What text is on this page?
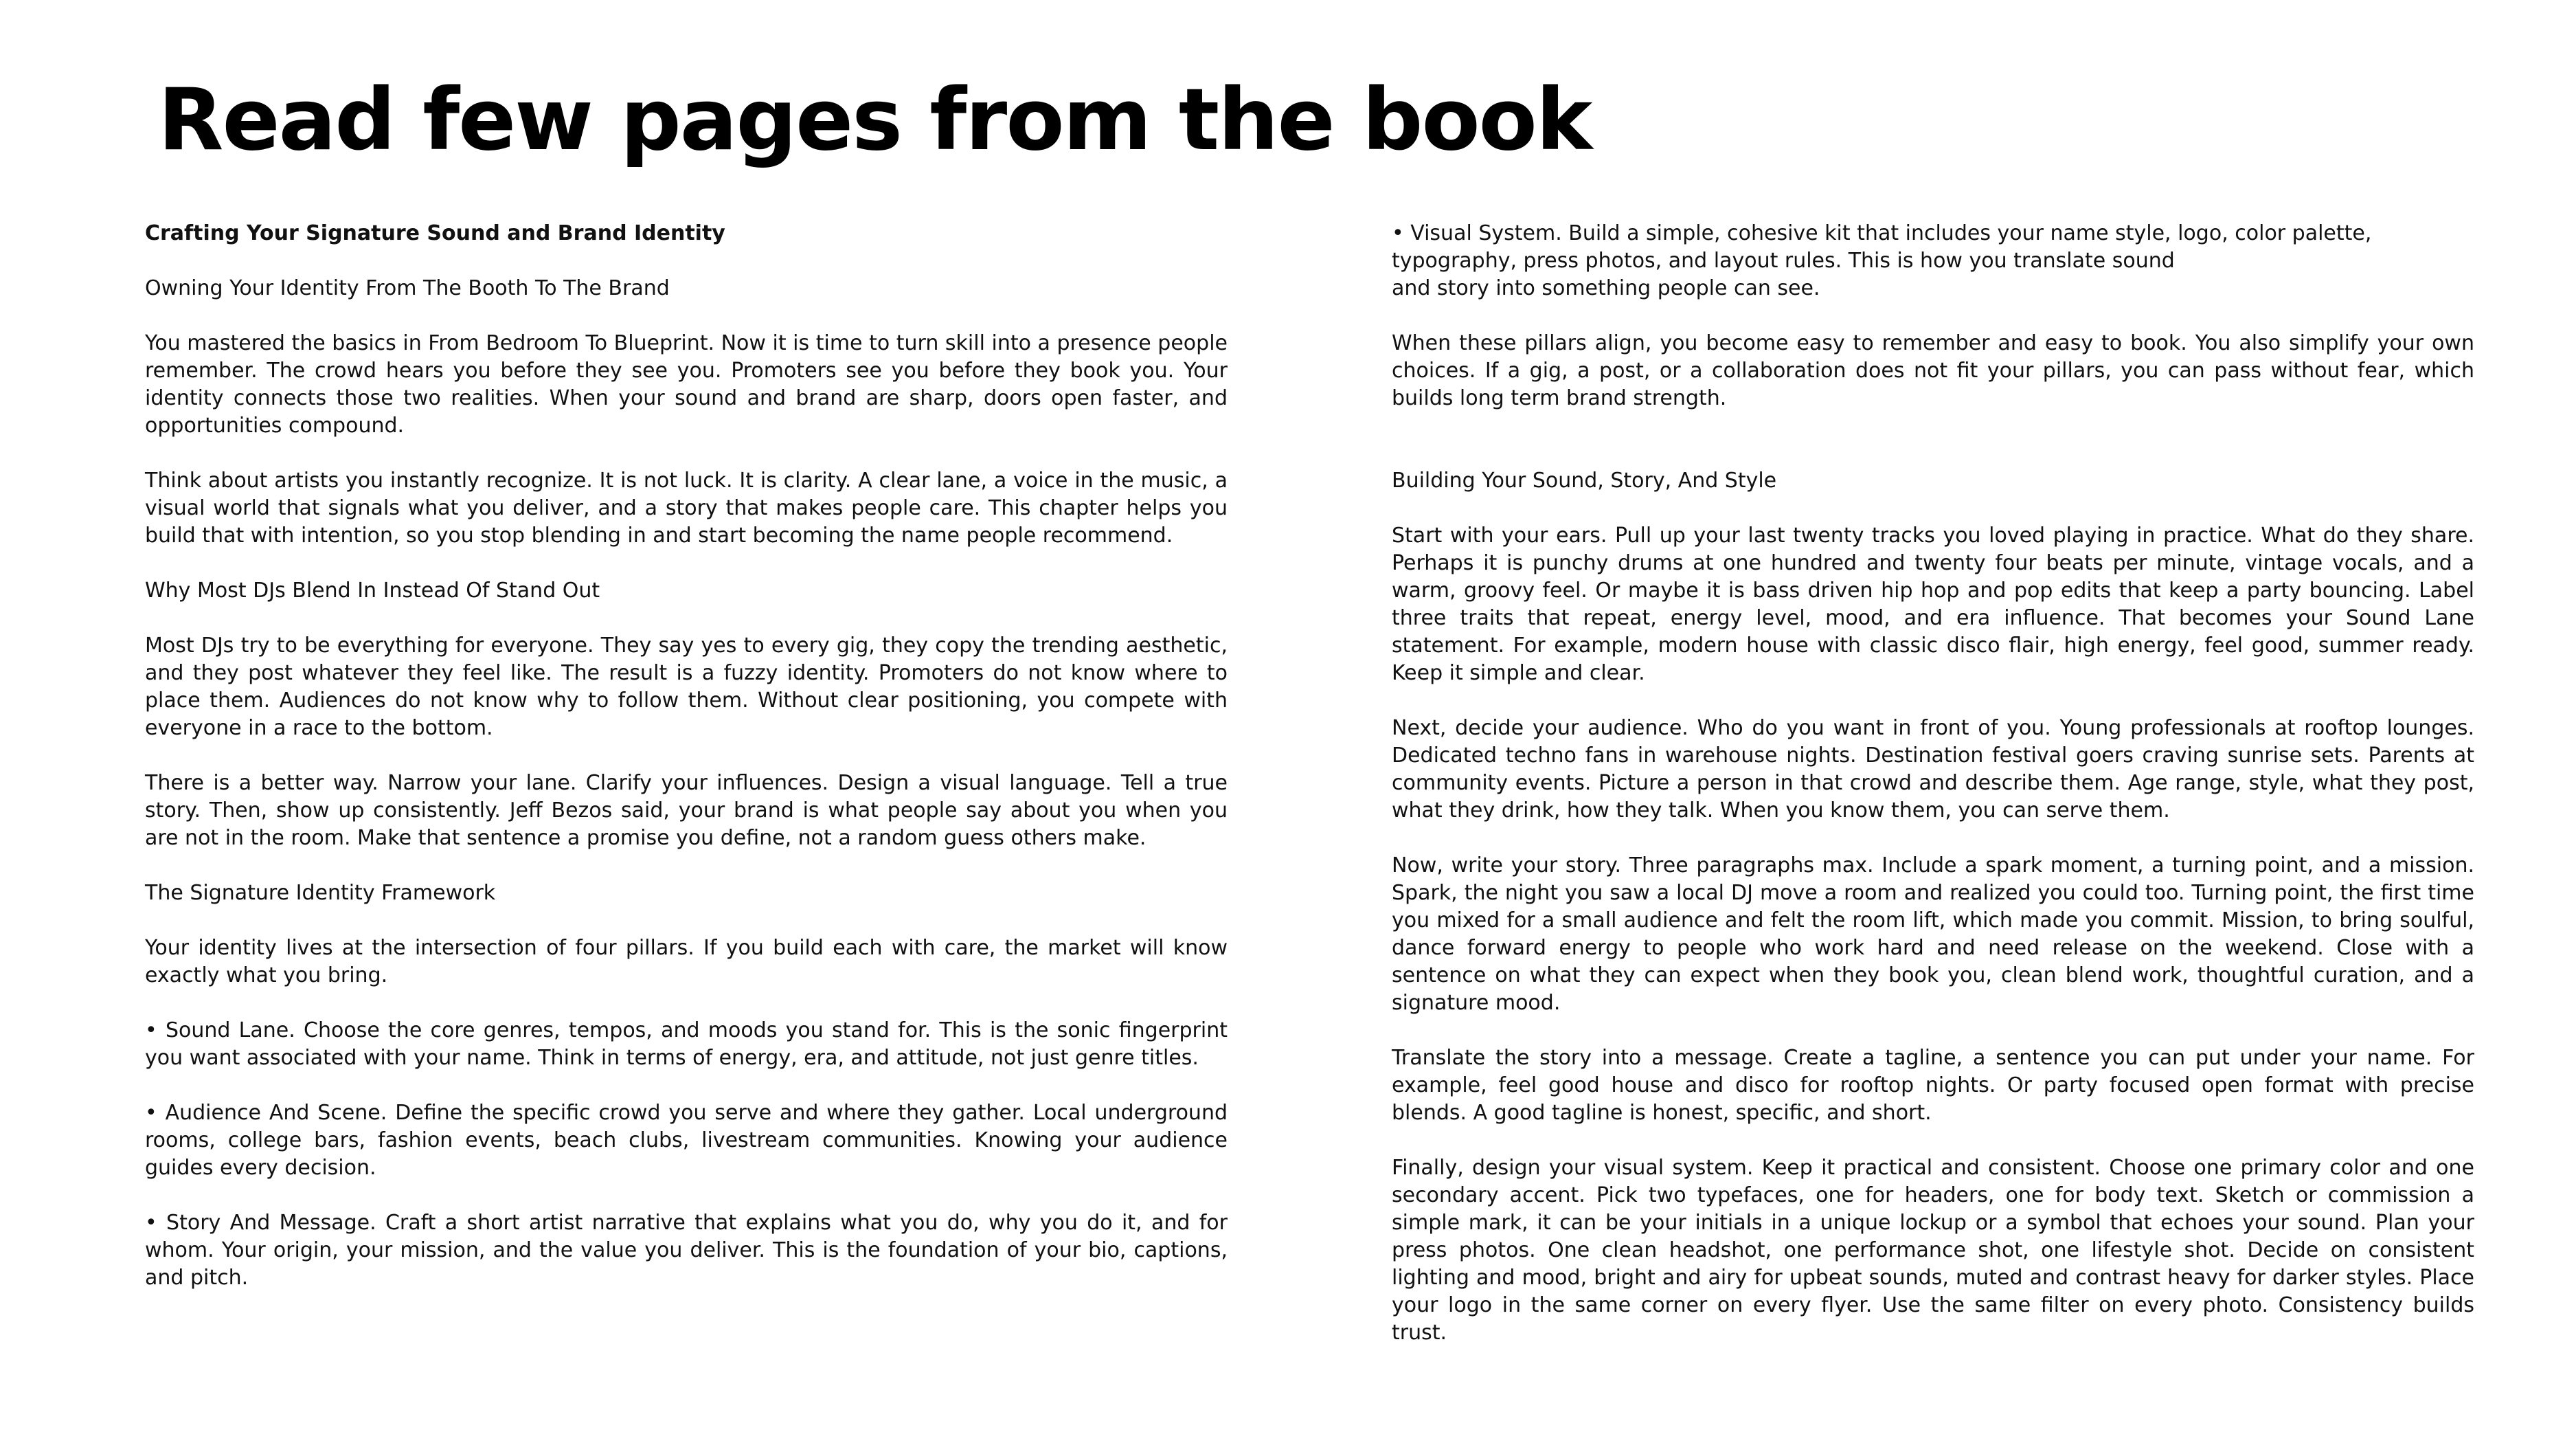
Read few pages from the book

Crafting Your Signature Sound and Brand Identity

Owning Your Identity From The Booth To The Brand

You mastered the basics in From Bedroom To Blueprint. Now it is time to turn skill into a presence people remember. The crowd hears you before they see you. Promoters see you before they book you. Your identity connects those two realities. When your sound and brand are sharp, doors open faster, and opportunities compound.

Think about artists you instantly recognize. It is not luck. It is clarity. A clear lane, a voice in the music, a visual world that signals what you deliver, and a story that makes people care. This chapter helps you build that with intention, so you stop blending in and start becoming the name people recommend.

Why Most DJs Blend In Instead Of Stand Out

Most DJs try to be everything for everyone. They say yes to every gig, they copy the trending aesthetic, and they post whatever they feel like. The result is a fuzzy identity. Promoters do not know where to place them. Audiences do not know why to follow them. Without clear positioning, you compete with everyone in a race to the bottom.

There is a better way. Narrow your lane. Clarify your influences. Design a visual language. Tell a true story. Then, show up consistently. Jeff Bezos said, your brand is what people say about you when you are not in the room. Make that sentence a promise you define, not a random guess others make.

The Signature Identity Framework

Your identity lives at the intersection of four pillars. If you build each with care, the market will know exactly what you bring.

• Sound Lane. Choose the core genres, tempos, and moods you stand for. This is the sonic fingerprint you want associated with your name. Think in terms of energy, era, and attitude, not just genre titles.

• Audience And Scene. Define the specific crowd you serve and where they gather. Local underground rooms, college bars, fashion events, beach clubs, livestream communities. Knowing your audience guides every decision.

• Story And Message. Craft a short artist narrative that explains what you do, why you do it, and for whom. Your origin, your mission, and the value you deliver. This is the foundation of your bio, captions, and pitch.

• Visual System. Build a simple, cohesive kit that includes your name style, logo, color palette, typography, press photos, and layout rules. This is how you translate sound
and story into something people can see.

When these pillars align, you become easy to remember and easy to book. You also simplify your own choices. If a gig, a post, or a collaboration does not fit your pillars, you can pass without fear, which builds long term brand strength.

Building Your Sound, Story, And Style

Start with your ears. Pull up your last twenty tracks you loved playing in practice. What do they share. Perhaps it is punchy drums at one hundred and twenty four beats per minute, vintage vocals, and a warm, groovy feel. Or maybe it is bass driven hip hop and pop edits that keep a party bouncing. Label three traits that repeat, energy level, mood, and era influence. That becomes your Sound Lane statement. For example, modern house with classic disco flair, high energy, feel good, summer ready. Keep it simple and clear.

Next, decide your audience. Who do you want in front of you. Young professionals at rooftop lounges. Dedicated techno fans in warehouse nights. Destination festival goers craving sunrise sets. Parents at community events. Picture a person in that crowd and describe them. Age range, style, what they post, what they drink, how they talk. When you know them, you can serve them.

Now, write your story. Three paragraphs max. Include a spark moment, a turning point, and a mission. Spark, the night you saw a local DJ move a room and realized you could too. Turning point, the first time you mixed for a small audience and felt the room lift, which made you commit. Mission, to bring soulful, dance forward energy to people who work hard and need release on the weekend. Close with a sentence on what they can expect when they book you, clean blend work, thoughtful curation, and a signature mood.

Translate the story into a message. Create a tagline, a sentence you can put under your name. For example, feel good house and disco for rooftop nights. Or party focused open format with precise blends. A good tagline is honest, specific, and short.

Finally, design your visual system. Keep it practical and consistent. Choose one primary color and one secondary accent. Pick two typefaces, one for headers, one for body text. Sketch or commission a simple mark, it can be your initials in a unique lockup or a symbol that echoes your sound. Plan your press photos. One clean headshot, one performance shot, one lifestyle shot. Decide on consistent lighting and mood, bright and airy for upbeat sounds, muted and contrast heavy for darker styles. Place your logo in the same corner on every flyer. Use the same filter on every photo. Consistency builds trust.
